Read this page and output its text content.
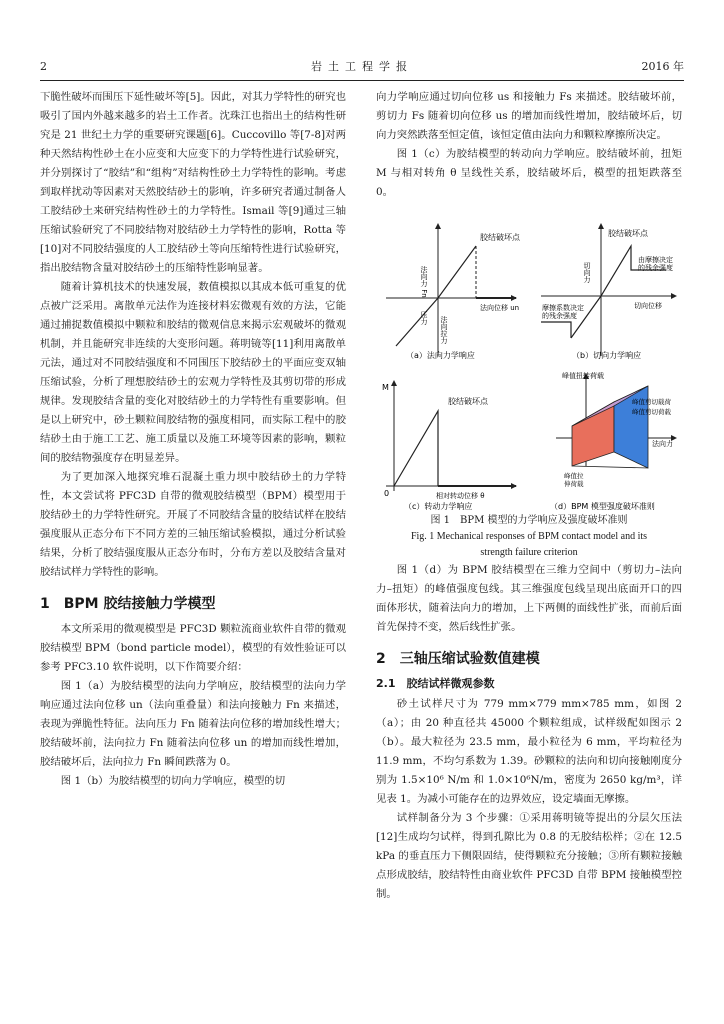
2	岩土工程学报	2016 年

下脆性破坏而围压下延性破坏等[5]。因此，对其力学特性的研究也吸引了国内外越来越多的岩土工作者。沈珠江也指出土的结构性研究是 21 世纪土力学的重要研究课题[6]。Cuccovillo 等[7-8]对两种天然结构性砂土在小应变和大应变下的力学特性进行试验研究，并分别探讨了“胶结”和“组构”对结构性砂土力学特性的影响。考虑到取样扰动等因素对天然胶结砂土的影响，许多研究者通过制备人工胶结砂土来研究结构性砂土的力学特性。Ismail 等[9]通过三轴压缩试验研究了不同胶结物对胶结砂土力学特性的影响，Rotta 等 [10]对不同胶结强度的人工胶结砂土等向压缩特性进行试验研究，指出胶结物含量对胶结砂土的压缩特性影响显著。

随着计算机技术的快速发展，数值模拟以其成本低可重复的优点被广泛采用。离散单元法作为连接材料宏微观有效的方法，它能通过捕捉数值模拟中颗粒和胶结的微观信息来揭示宏观破坏的微观机制，并且能研究非连续的大变形问题。蒋明镜等[11]利用离散单元法，通过对不同胶结强度和不同围压下胶结砂土的平面应变双轴压缩试验，分析了理想胶结砂土的宏观力学特性及其剪切带的形成规律。发现胶结含量的变化对胶结砂土的力学特性有重要影响。但是以上研究中，砂土颗粒间胶结物的强度相同，而实际工程中的胶结砂土由于施工工艺、施工质量以及施工环境等因素的影响，颗粒间的胶结物强度存在明显差异。

为了更加深入地探究堆石混凝土重力坝中胶结砂土的力学特性，本文尝试将 PFC3D 自带的微观胶结模型（BPM）模型用于胶结砂土的力学特性研究。开展了不同胶结含量的胶结试样在胶结强度服从正态分布下不同方差的三轴压缩试验模拟，通过分析试验结果，分析了胶结强度服从正态分布时，分布方差以及胶结含量对胶结试样力学特性的影响。

1　BPM 胶结接触力学模型

本文所采用的微观模型是 PFC3D 颗粒流商业软件自带的微观胶结模型 BPM（bond particle model），模型的有效性验证可以参考 PFC3.10 软件说明，以下作简要介绍：

图 1（a）为胶结模型的法向力学响应，胶结模型的法向力学响应通过法向位移 un（法向重叠量）和法向接触力 Fn 来描述，表现为弹脆性特征。法向压力 Fn 随着法向位移的增加线性增大；胶结破坏前，法向拉力 Fn 随着法向位移 un 的增加而线性增加，胶结破坏后，法向拉力 Fn 瞬间跌落为 0。

图 1（b）为胶结模型的切向力学响应，模型的切

向力学响应通过切向位移 us 和接触力 Fs 来描述。胶结破坏前，剪切力 Fs 随着切向位移 us 的增加而线性增加，胶结破坏后，切向力突然跌落至恒定值，该恒定值由法向力和颗粒摩擦所决定。

图 1（c）为胶结模型的转动向力学响应。胶结破坏前，扭矩 M 与相对转角 θ 呈线性关系，胶结破坏后，模型的扭矩跌落至 0。

胶结破坏点
法向力 Fn
压力 法向拉力
法向位移 un
（a）法向力学响应
胶结破坏点
切向力
由摩擦决定
的残余强度
摩擦系数决定
的残余强度
切向位移
（b）切向力学响应
胶结破坏点
M
0	相对转动位移 θ
（c）转动力学响应
峰值扭转荷载
峰值剪切载荷
峰值剪切荷载
法向力
峰值拉
伸荷载
（d）BPM 模型强度破坏准则
图 1　BPM 模型的力学响应及强度破坏准则
Fig. 1 Mechanical responses of BPM contact model and its
strength failure criterion

图 1（d）为 BPM 胶结模型在三维力空间中（剪切力–法向力–扭矩）的峰值强度包线。其三维强度包线呈现出底面开口的四面体形状，随着法向力的增加，上下两侧的面线性扩张，而前后面首先保持不变，然后线性扩张。

2　三轴压缩试验数值建模
2.1　胶结试样微观参数

砂土试样尺寸为 779 mm×779 mm×785 mm，如图 2（a）；由 20 种直径共 45000 个颗粒组成，试样级配如图示 2（b）。最大粒径为 23.5 mm，最小粒径为 6 mm，平均粒径为 11.9 mm，不均匀系数为 1.39。砂颗粒的法向和切向接触刚度分别为 1.5×10⁶ N/m 和 1.0×10⁶N/m，密度为 2650 kg/m³，详见表 1。为减小可能存在的边界效应，设定墙面无摩擦。

试样制备分为 3 个步骤：①采用蒋明镜等提出的分层欠压法[12]生成均匀试样，得到孔隙比为 0.8 的无胶结松样；②在 12.5 kPa 的垂直压力下侧限固结，使得颗粒充分接触；③所有颗粒接触点形成胶结，胶结特性由商业软件 PFC3D 自带 BPM 接触模型控制。
